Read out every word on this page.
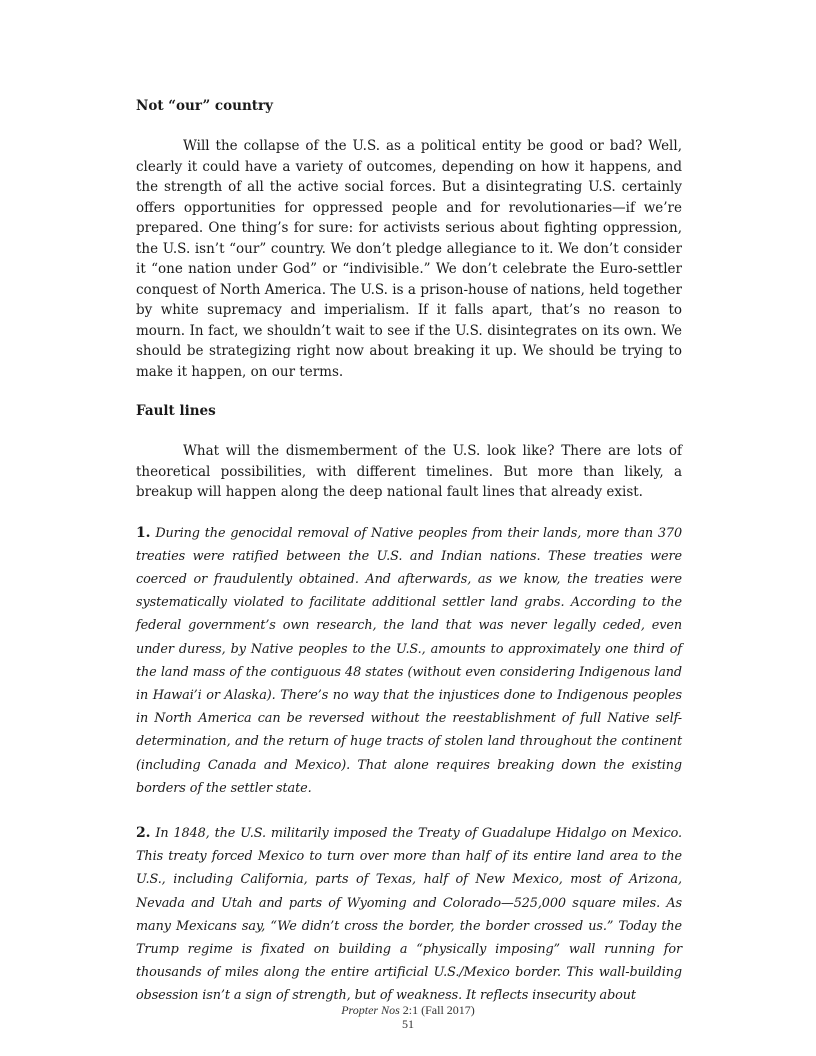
Not “our” country

Will the collapse of the U.S. as a political entity be good or bad? Well, clearly it could have a variety of outcomes, depending on how it happens, and the strength of all the active social forces. But a disintegrating U.S. certainly offers opportunities for oppressed people and for revolutionaries—if we’re prepared. One thing’s for sure: for activists serious about fighting oppression, the U.S. isn’t “our” country. We don’t pledge allegiance to it. We don’t consider it “one nation under God” or “indivisible.” We don’t celebrate the Euro-settler conquest of North America. The U.S. is a prison-house of nations, held together by white supremacy and imperialism. If it falls apart, that’s no reason to mourn. In fact, we shouldn’t wait to see if the U.S. disintegrates on its own. We should be strategizing right now about breaking it up. We should be trying to make it happen, on our terms.

Fault lines

What will the dismemberment of the U.S. look like? There are lots of theoretical possibilities, with different timelines. But more than likely, a breakup will happen along the deep national fault lines that already exist.

1. During the genocidal removal of Native peoples from their lands, more than 370 treaties were ratified between the U.S. and Indian nations. These treaties were coerced or fraudulently obtained. And afterwards, as we know, the treaties were systematically violated to facilitate additional settler land grabs. According to the federal government’s own research, the land that was never legally ceded, even under duress, by Native peoples to the U.S., amounts to approximately one third of the land mass of the contiguous 48 states (without even considering Indigenous land in Hawai’i or Alaska). There’s no way that the injustices done to Indigenous peoples in North America can be reversed without the reestablishment of full Native self-determination, and the return of huge tracts of stolen land throughout the continent (including Canada and Mexico). That alone requires breaking down the existing borders of the settler state.

2. In 1848, the U.S. militarily imposed the Treaty of Guadalupe Hidalgo on Mexico. This treaty forced Mexico to turn over more than half of its entire land area to the U.S., including California, parts of Texas, half of New Mexico, most of Arizona, Nevada and Utah and parts of Wyoming and Colorado—525,000 square miles. As many Mexicans say, “We didn’t cross the border, the border crossed us.” Today the Trump regime is fixated on building a “physically imposing” wall running for thousands of miles along the entire artificial U.S./Mexico border. This wall-building obsession isn’t a sign of strength, but of weakness. It reflects insecurity about

Propter Nos 2:1 (Fall 2017)
51
